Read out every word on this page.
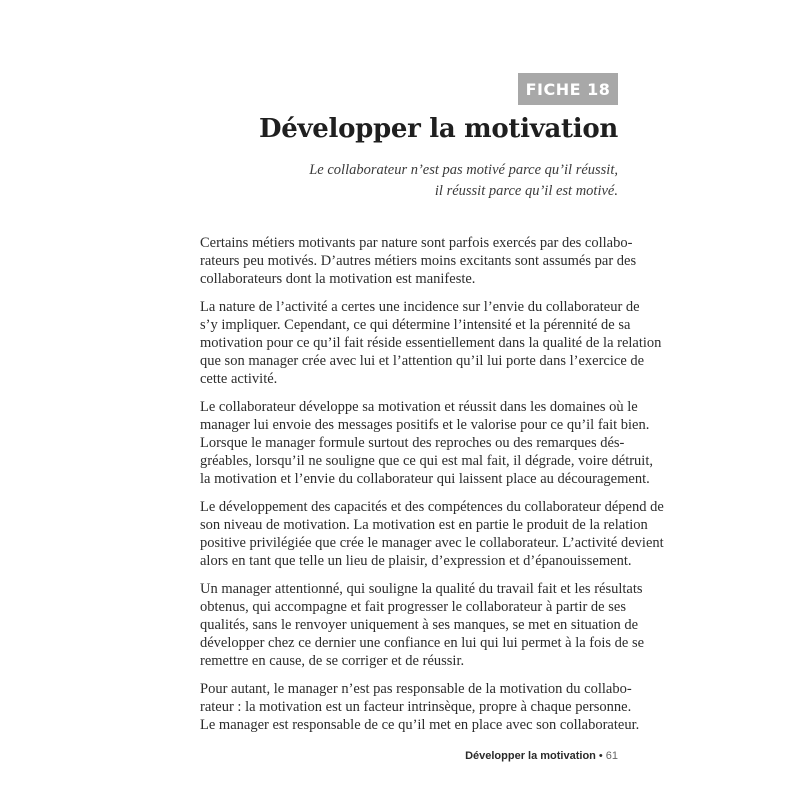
FICHE 18
Développer la motivation
Le collaborateur n’est pas motivé parce qu’il réussit,
il réussit parce qu’il est motivé.

Certains métiers motivants par nature sont parfois exercés par des collabo-
rateurs peu motivés. D’autres métiers moins excitants sont assumés par des
collaborateurs dont la motivation est manifeste.

La nature de l’activité a certes une incidence sur l’envie du collaborateur de
s’y impliquer. Cependant, ce qui détermine l’intensité et la pérennité de sa
motivation pour ce qu’il fait réside essentiellement dans la qualité de la relation
que son manager crée avec lui et l’attention qu’il lui porte dans l’exercice de
cette activité.

Le collaborateur développe sa motivation et réussit dans les domaines où le
manager lui envoie des messages positifs et le valorise pour ce qu’il fait bien.
Lorsque le manager formule surtout des reproches ou des remarques dés-
gréables, lorsqu’il ne souligne que ce qui est mal fait, il dégrade, voire détruit,
la motivation et l’envie du collaborateur qui laissent place au découragement.

Le développement des capacités et des compétences du collaborateur dépend de
son niveau de motivation. La motivation est en partie le produit de la relation
positive privilégiée que crée le manager avec le collaborateur. L’activité devient
alors en tant que telle un lieu de plaisir, d’expression et d’épanouissement.

Un manager attentionné, qui souligne la qualité du travail fait et les résultats
obtenus, qui accompagne et fait progresser le collaborateur à partir de ses
qualités, sans le renvoyer uniquement à ses manques, se met en situation de
développer chez ce dernier une confiance en lui qui lui permet à la fois de se
remettre en cause, de se corriger et de réussir.

Pour autant, le manager n’est pas responsable de la motivation du collabo-
rateur : la motivation est un facteur intrinsèque, propre à chaque personne.
Le manager est responsable de ce qu’il met en place avec son collaborateur.

Développer la motivation • 61
